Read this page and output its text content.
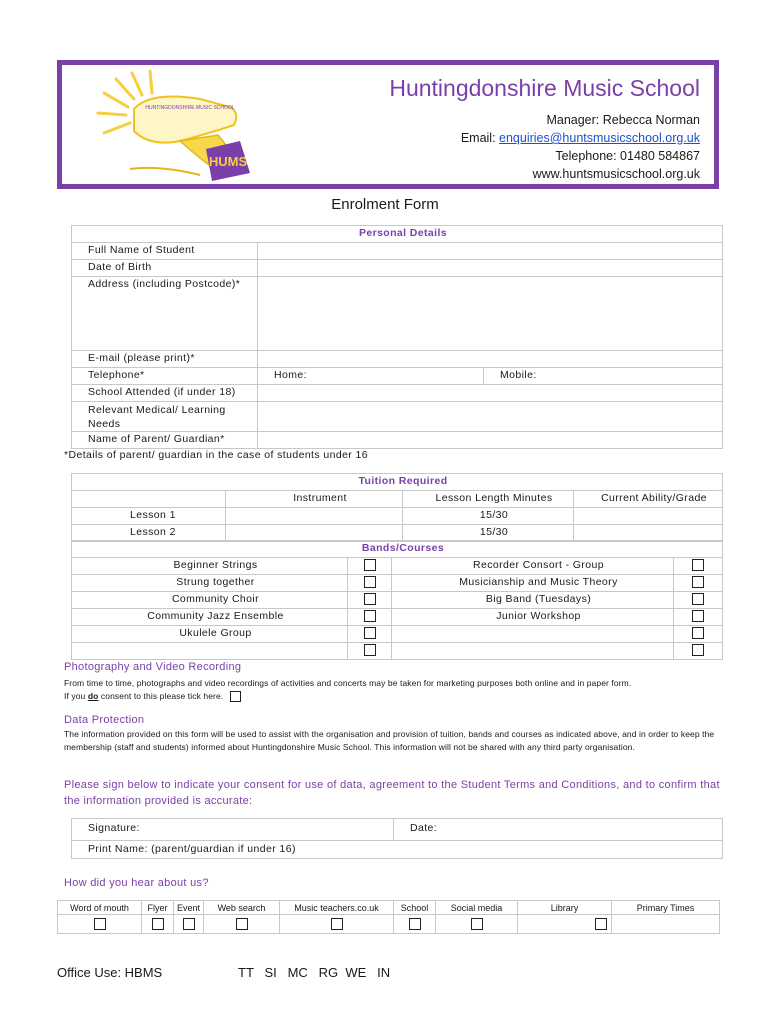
HUMS
HUNTINGDONSHIRE MUSIC SCHOOL
Huntingdonshire Music School
Manager: Rebecca Norman
Email: enquiries@huntsmusicschool.org.uk
Telephone: 01480 584867
www.huntsmusicschool.org.uk
Enrolment Form
Personal Details		
Full Name of Student		
Date of Birth		
Address (including Postcode)*		
E-mail (please print)*		
Telephone*	Home:	Mobile:
School Attended (if under 18)		
Relevant Medical/ Learning Needs		
Name of Parent/ Guardian*		
*Details of parent/ guardian in the case of students under 16
Tuition Required			
	Instrument	Lesson Length Minutes	Current Ability/Grade
Lesson 1		15/30	
Lesson 2		15/30	
Bands/Courses			
Beginner Strings		Recorder Consort - Group	
Strung together		Musicianship and Music Theory	
Community Choir		Big Band (Tuesdays)	
Community Jazz Ensemble		Junior Workshop	
Ukulele Group			

Photography and Video Recording
From time to time, photographs and video recordings of activities and concerts may be taken for marketing purposes both online and in paper form.
If you do consent to this please tick here.
Data Protection
The information provided on this form will be used to assist with the organisation and provision of tuition, bands and courses as indicated above, and in order to keep the membership (staff and students) informed about Huntingdonshire Music School. This information will not be shared with any third party organisation.
Please sign below to indicate your consent for use of data, agreement to the Student Terms and Conditions, and to confirm that the information provided is accurate:
Signature:	Date:
Print Name: (parent/guardian if under 16)
How did you hear about us?
Word of mouth	Flyer	Event	Web search	Music teachers.co.uk	School	Social media	Library	Primary Times

Office Use: HBMS	TT   SI   MC   RG  WE   IN
